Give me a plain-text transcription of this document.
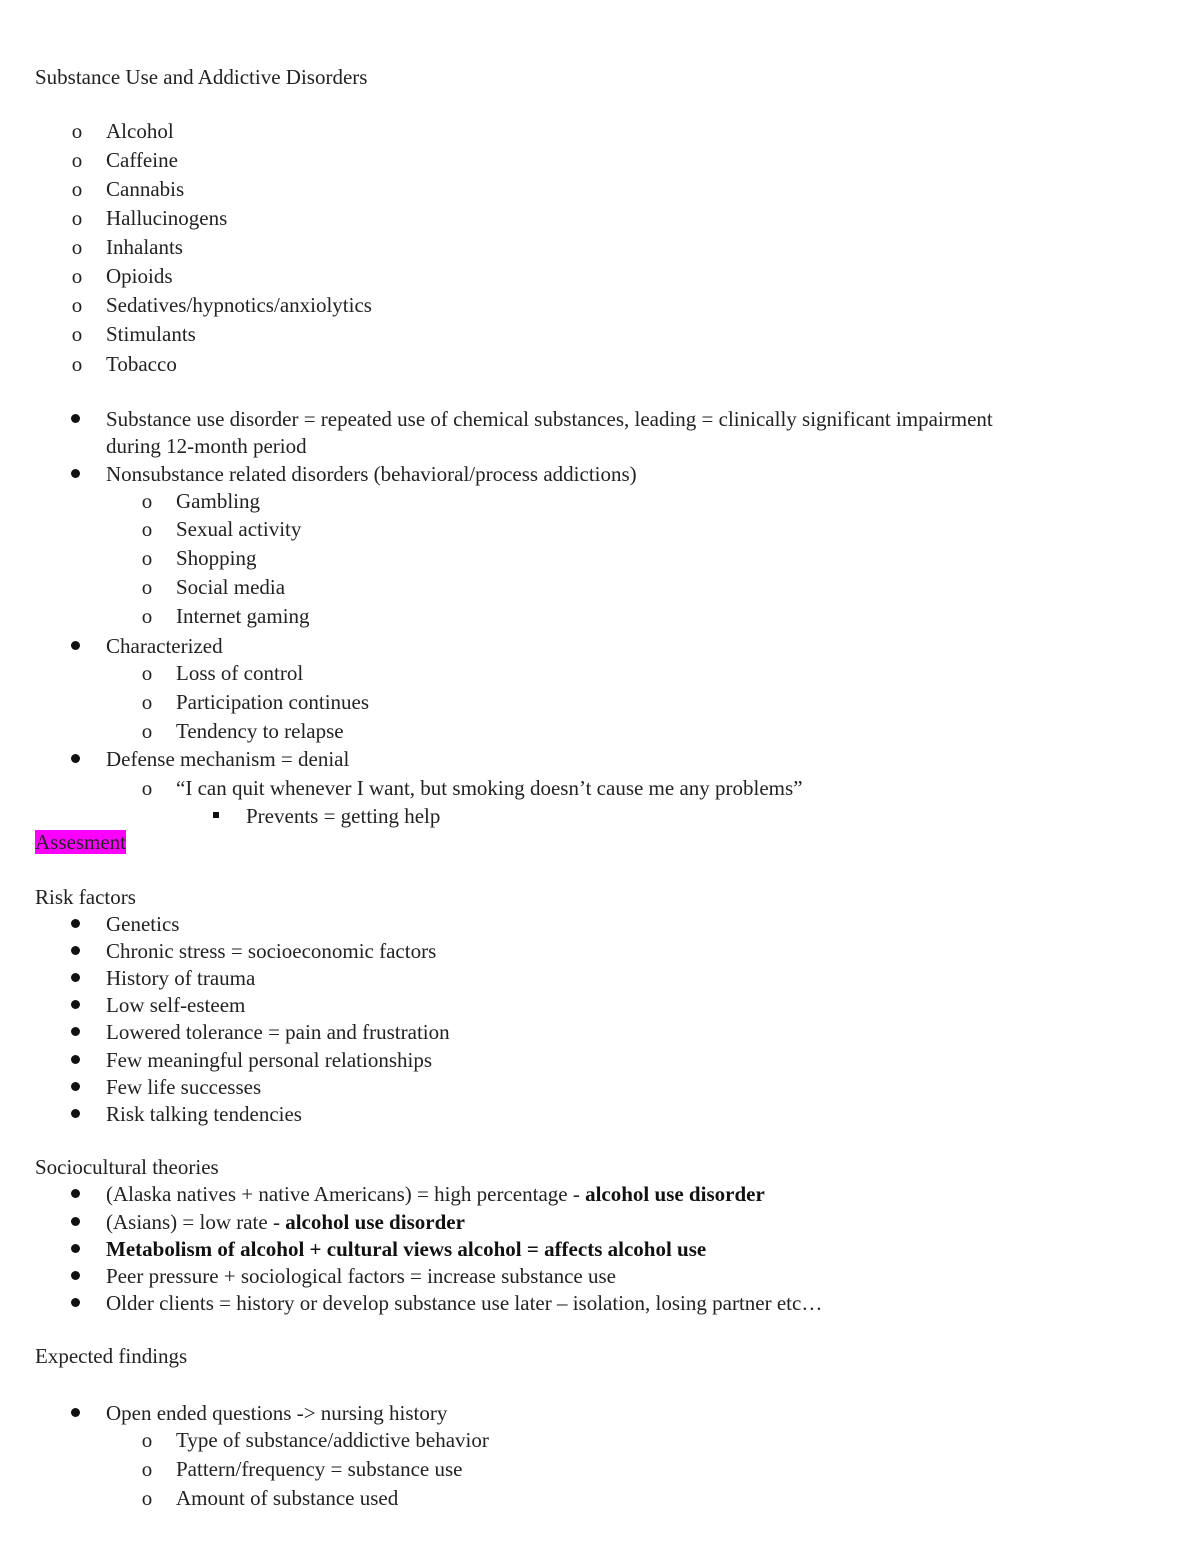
Substance Use and Addictive Disorders
o Alcohol
o Caffeine
o Cannabis
o Hallucinogens
o Inhalants
o Opioids
o Sedatives/hypnotics/anxiolytics
o Stimulants
o Tobacco
Substance use disorder = repeated use of chemical substances, leading = clinically significant impairment
during 12-month period
Nonsubstance related disorders (behavioral/process addictions)
o Gambling
o Sexual activity
o Shopping
o Social media
o Internet gaming
Characterized
o Loss of control
o Participation continues
o Tendency to relapse
Defense mechanism = denial
o “I can quit whenever I want, but smoking doesn’t cause me any problems”
Prevents = getting help
Assesment
Risk factors
Genetics
Chronic stress = socioeconomic factors
History of trauma
Low self-esteem
Lowered tolerance = pain and frustration
Few meaningful personal relationships
Few life successes
Risk talking tendencies
Sociocultural theories
(Alaska natives + native Americans) = high percentage - alcohol use disorder
(Asians) = low rate - alcohol use disorder
Metabolism of alcohol + cultural views alcohol = affects alcohol use
Peer pressure + sociological factors = increase substance use
Older clients = history or develop substance use later – isolation, losing partner etc…
Expected findings
Open ended questions -> nursing history
o Type of substance/addictive behavior
o Pattern/frequency = substance use
o Amount of substance used
